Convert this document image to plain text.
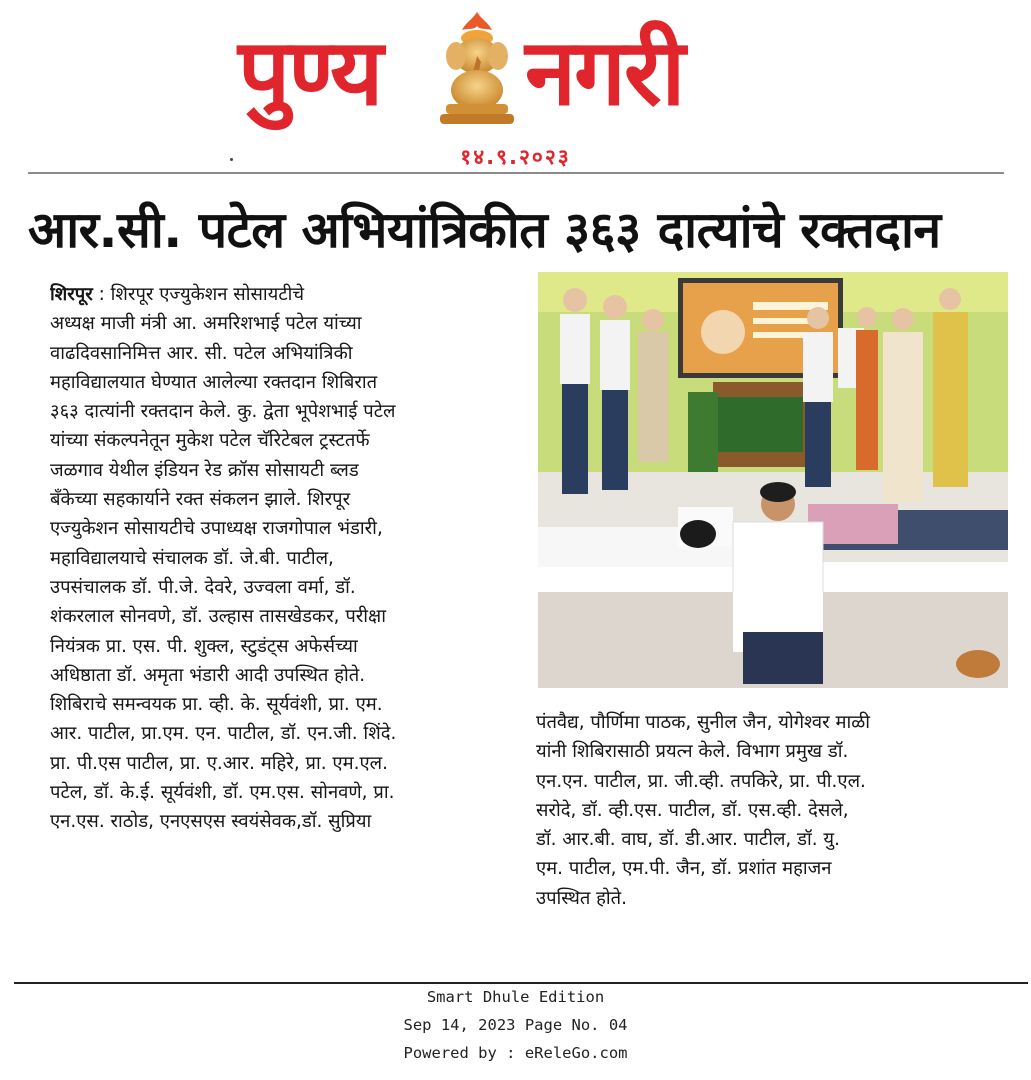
पुण्य नगरी
१४.९.२०२३
आर.सी. पटेल अभियांत्रिकीत ३६३ दात्यांचे रक्तदान
शिरपूर : शिरपूर एज्युकेशन सोसायटीचे
अध्यक्ष माजी मंत्री आ. अमरिशभाई पटेल यांच्या
वाढदिवसानिमित्त आर. सी. पटेल अभियांत्रिकी
महाविद्यालयात घेण्यात आलेल्या रक्तदान शिबिरात
३६३ दात्यांनी रक्तदान केले. कु. द्वेता भूपेशभाई पटेल
यांच्या संकल्पनेतून मुकेश पटेल चॅरिटेबल ट्रस्टतर्फे
जळगाव येथील इंडियन रेड क्रॉस सोसायटी ब्लड
बँकेच्या सहकार्याने रक्त संकलन झाले. शिरपूर
एज्युकेशन सोसायटीचे उपाध्यक्ष राजगोपाल भंडारी,
महाविद्यालयाचे संचालक डॉ. जे.बी. पाटील,
उपसंचालक डॉ. पी.जे. देवरे, उज्वला वर्मा, डॉ.
शंकरलाल सोनवणे, डॉ. उल्हास तासखेडकर, परीक्षा
नियंत्रक प्रा. एस. पी. शुक्ल, स्टुडंट्स अफेर्सच्या
अधिष्ठाता डॉ. अमृता भंडारी आदी उपस्थित होते.
शिबिराचे समन्वयक प्रा. व्ही. के. सूर्यवंशी, प्रा. एम.
आर. पाटील, प्रा.एम. एन. पाटील, डॉ. एन.जी. शिंदे.
प्रा. पी.एस पाटील, प्रा. ए.आर. महिरे, प्रा. एम.एल.
पटेल, डॉ. के.ई. सूर्यवंशी, डॉ. एम.एस. सोनवणे, प्रा.
एन.एस. राठोड, एनएसएस स्वयंसेवक,डॉ. सुप्रिया
पंतवैद्य, पौर्णिमा पाठक, सुनील जैन, योगेश्वर माळी
यांनी शिबिरासाठी प्रयत्न केले. विभाग प्रमुख डॉ.
एन.एन. पाटील, प्रा. जी.व्ही. तपकिरे, प्रा. पी.एल.
सरोदे, डॉ. व्ही.एस. पाटील, डॉ. एस.व्ही. देसले,
डॉ. आर.बी. वाघ, डॉ. डी.आर. पाटील, डॉ. यु.
एम. पाटील, एम.पी. जैन, डॉ. प्रशांत महाजन
उपस्थित होते.
Smart Dhule Edition
Sep 14, 2023 Page No. 04
Powered by : eReleGo.com
